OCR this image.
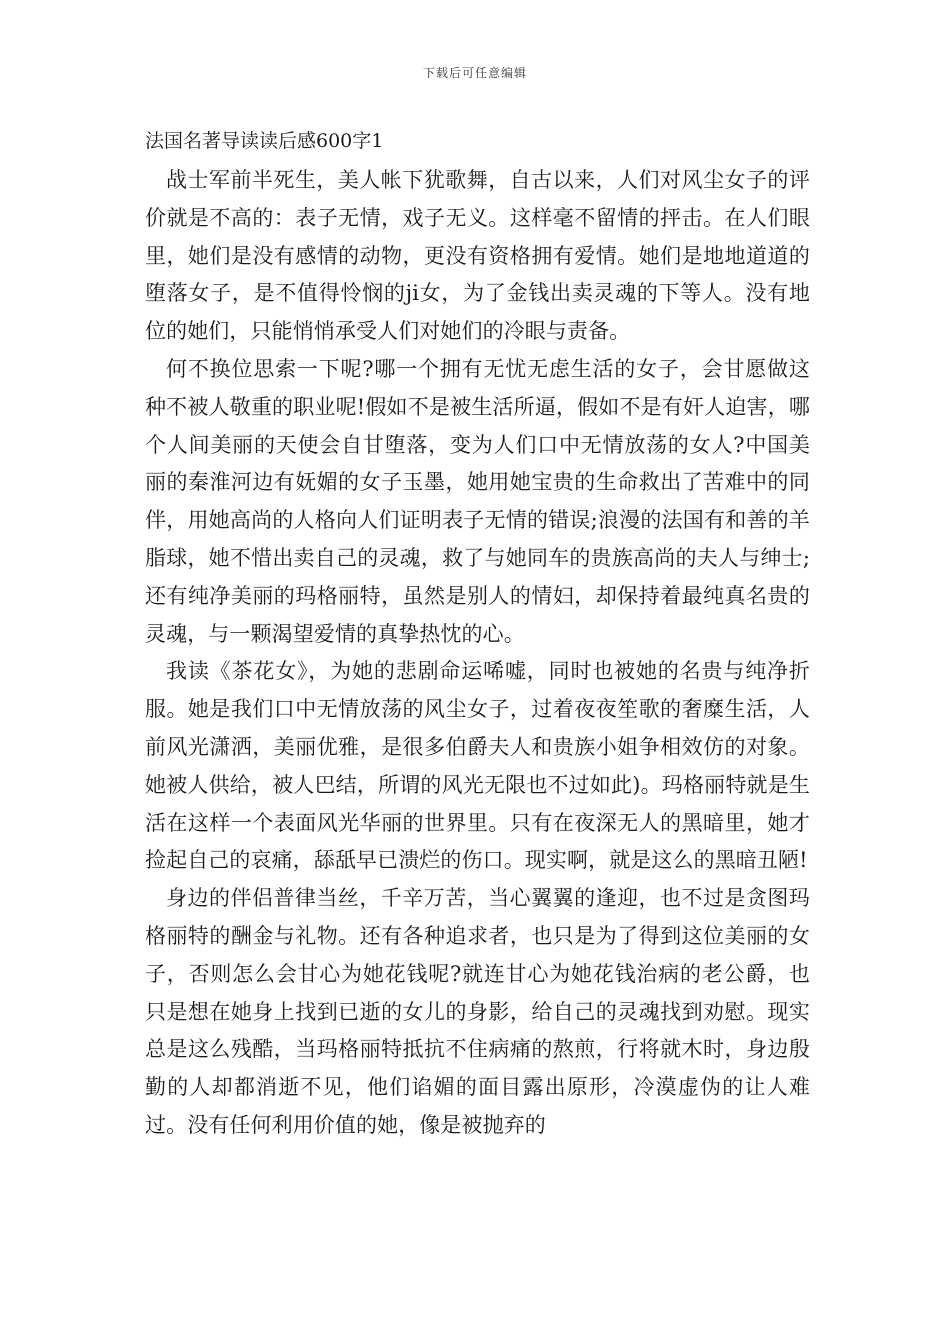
下载后可任意编辑
法国名著导读读后感600字1

战士军前半死生，美人帐下犹歌舞，自古以来，人们对风尘女子的评价就是不高的：表子无情，戏子无义。这样毫不留情的抨击。在人们眼里，她们是没有感情的动物，更没有资格拥有爱情。她们是地地道道的堕落女子，是不值得怜悯的ji女，为了金钱出卖灵魂的下等人。没有地位的她们，只能悄悄承受人们对她们的冷眼与责备。

何不换位思索一下呢?哪一个拥有无忧无虑生活的女子，会甘愿做这种不被人敬重的职业呢!假如不是被生活所逼，假如不是有奸人迫害，哪个人间美丽的天使会自甘堕落，变为人们口中无情放荡的女人?中国美丽的秦淮河边有妩媚的女子玉墨，她用她宝贵的生命救出了苦难中的同伴，用她高尚的人格向人们证明表子无情的错误;浪漫的法国有和善的羊脂球，她不惜出卖自己的灵魂，救了与她同车的贵族高尚的夫人与绅士;还有纯净美丽的玛格丽特，虽然是别人的情妇，却保持着最纯真名贵的灵魂，与一颗渴望爱情的真挚热忱的心。

我读《茶花女》，为她的悲剧命运唏嘘，同时也被她的名贵与纯净折服。她是我们口中无情放荡的风尘女子，过着夜夜笙歌的奢糜生活，人前风光潇洒，美丽优雅，是很多伯爵夫人和贵族小姐争相效仿的对象。她被人供给，被人巴结，所谓的风光无限也不过如此)。玛格丽特就是生活在这样一个表面风光华丽的世界里。只有在夜深无人的黑暗里，她才捡起自己的哀痛，舔舐早已溃烂的伤口。现实啊，就是这么的黑暗丑陋!

身边的伴侣普律当丝，千辛万苦，当心翼翼的逢迎，也不过是贪图玛格丽特的酬金与礼物。还有各种追求者，也只是为了得到这位美丽的女子，否则怎么会甘心为她花钱呢?就连甘心为她花钱治病的老公爵，也只是想在她身上找到已逝的女儿的身影，给自己的灵魂找到劝慰。现实总是这么残酷，当玛格丽特抵抗不住病痛的熬煎，行将就木时，身边殷勤的人却都消逝不见，他们谄媚的面目露出原形，冷漠虚伪的让人难过。没有任何利用价值的她，像是被抛弃的
